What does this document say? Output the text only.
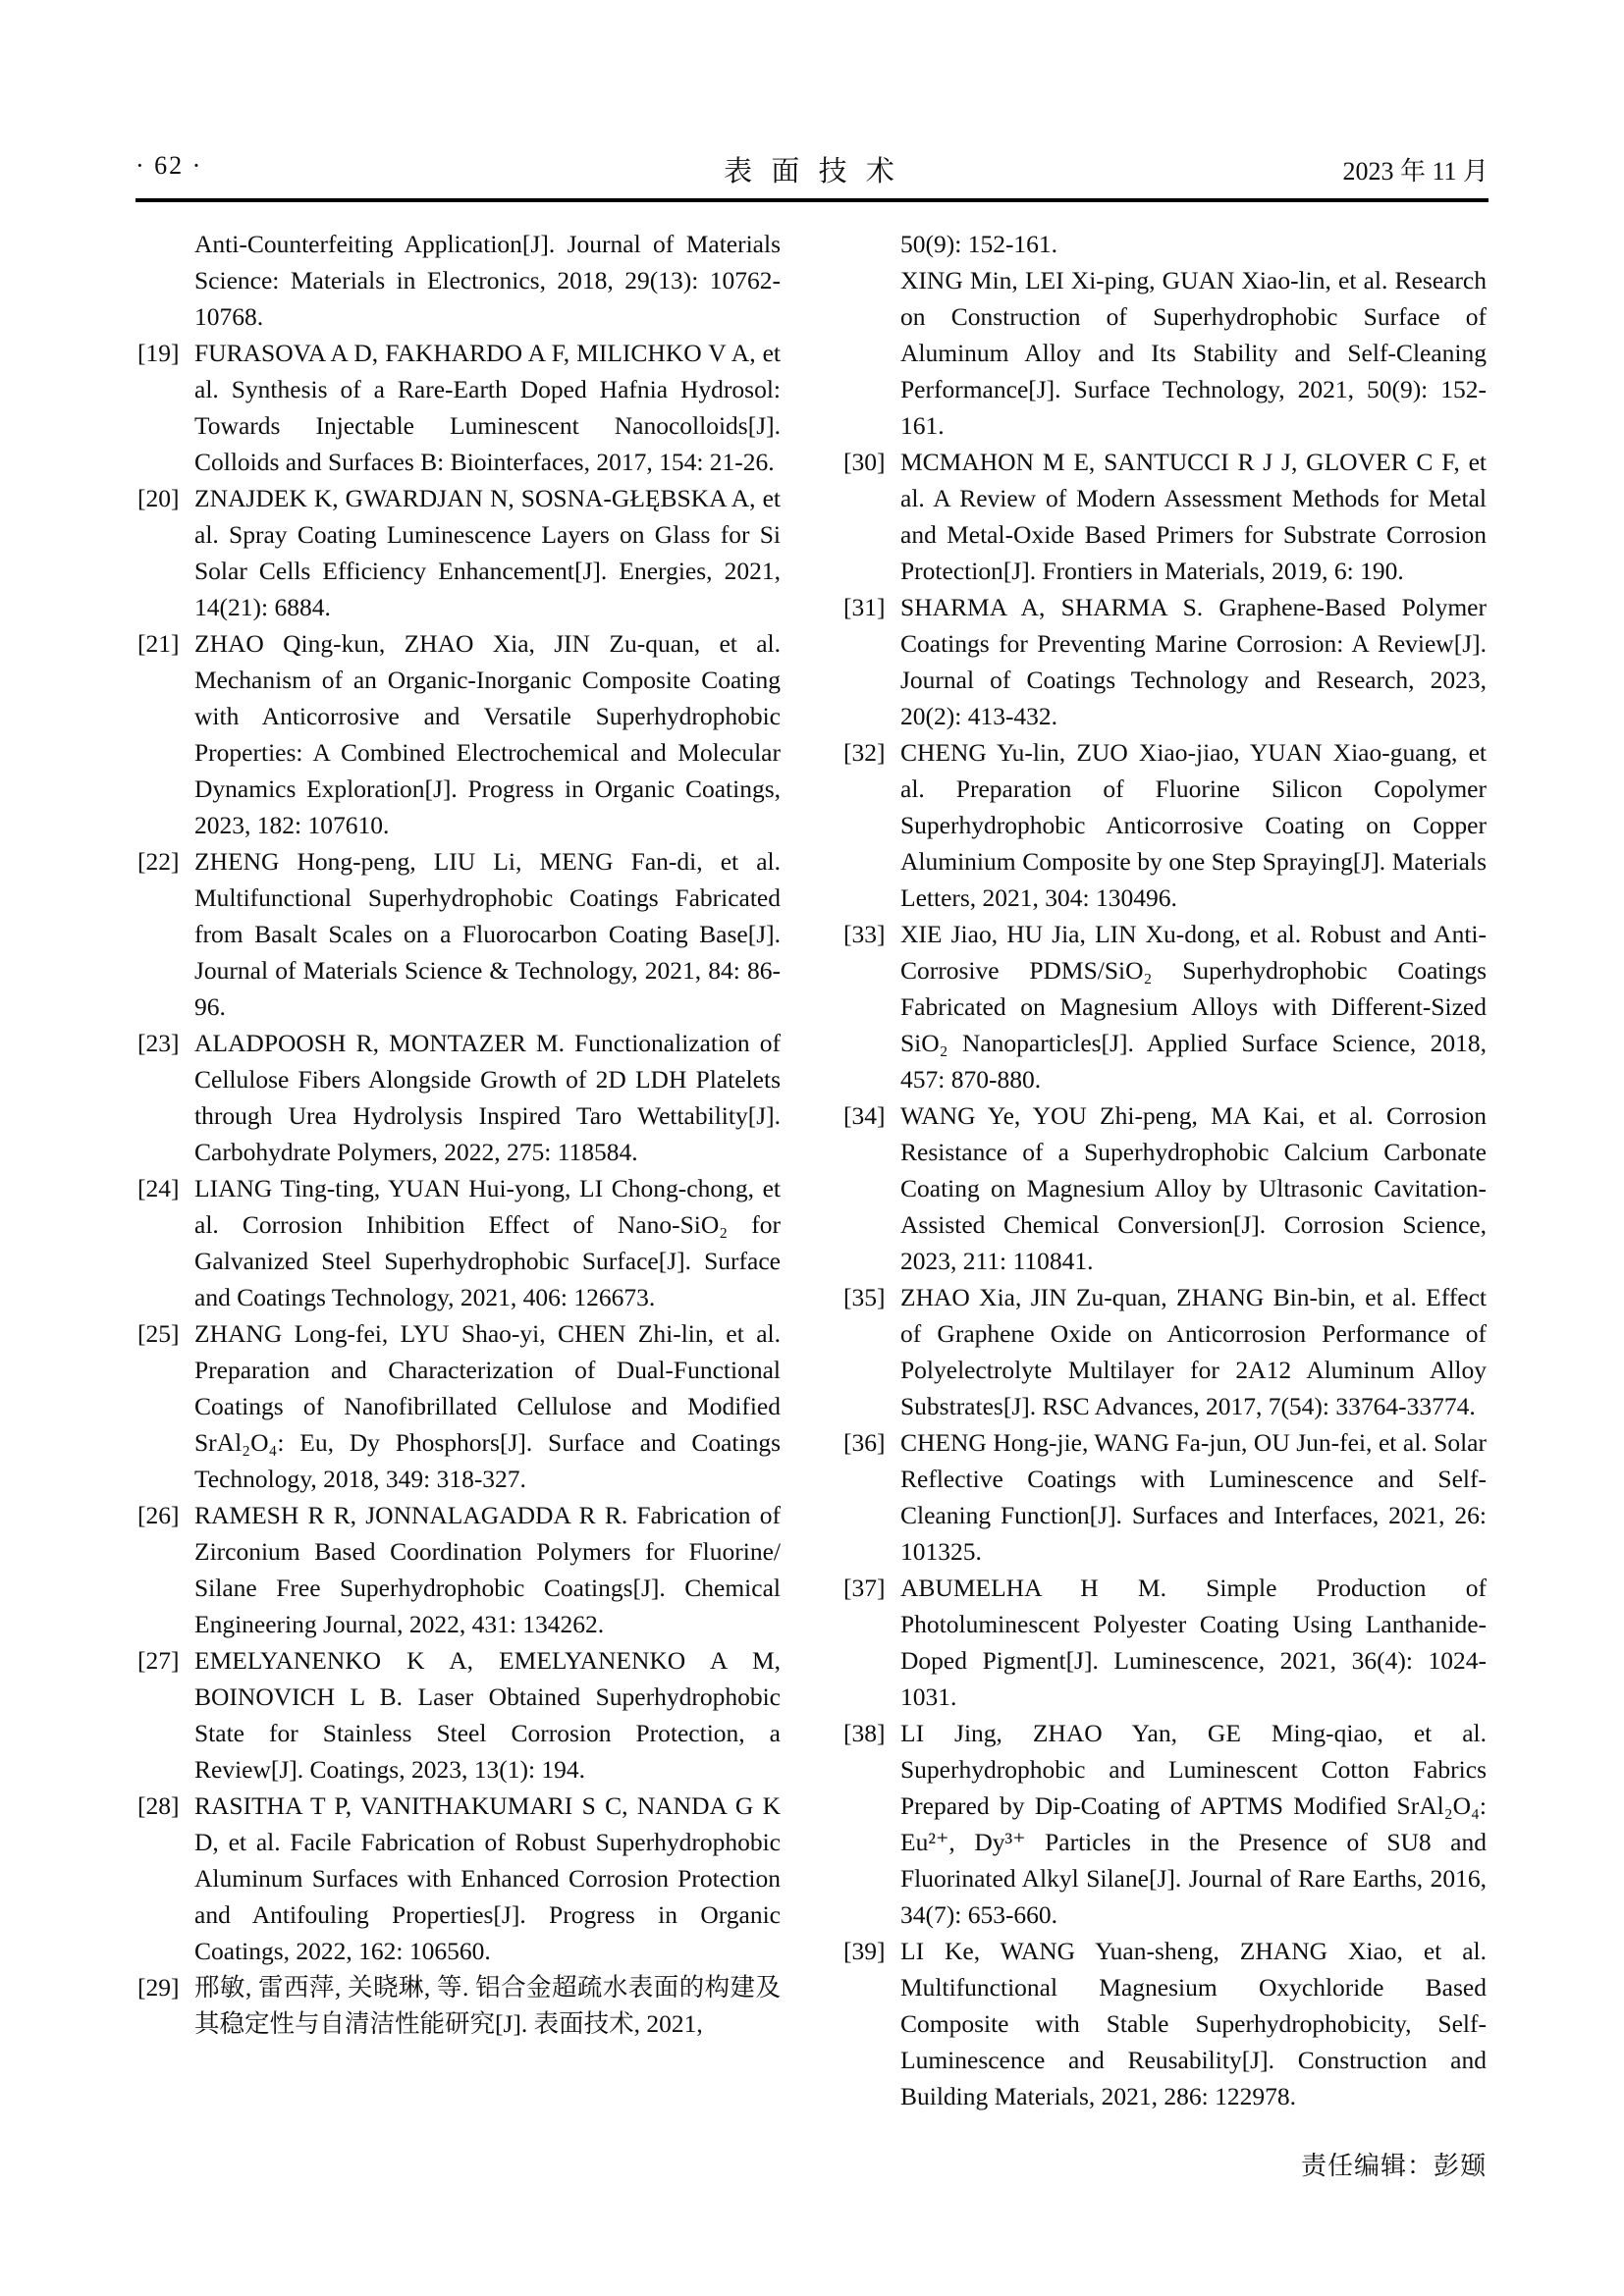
· 62 ·	表 面 技 术	2023 年 11 月
Anti-Counterfeiting Application[J]. Journal of Materials Science: Materials in Electronics, 2018, 29(13): 10762-10768.
[19] FURASOVA A D, FAKHARDO A F, MILICHKO V A, et al. Synthesis of a Rare-Earth Doped Hafnia Hydrosol: Towards Injectable Luminescent Nanocolloids[J]. Colloids and Surfaces B: Biointerfaces, 2017, 154: 21-26.
[20] ZNAJDEK K, GWARDJAN N, SOSNA-GŁĘBSKA A, et al. Spray Coating Luminescence Layers on Glass for Si Solar Cells Efficiency Enhancement[J]. Energies, 2021, 14(21): 6884.
[21] ZHAO Qing-kun, ZHAO Xia, JIN Zu-quan, et al. Mechanism of an Organic-Inorganic Composite Coating with Anticorrosive and Versatile Superhydrophobic Properties: A Combined Electrochemical and Molecular Dynamics Exploration[J]. Progress in Organic Coatings, 2023, 182: 107610.
[22] ZHENG Hong-peng, LIU Li, MENG Fan-di, et al. Multifunctional Superhydrophobic Coatings Fabricated from Basalt Scales on a Fluorocarbon Coating Base[J]. Journal of Materials Science & Technology, 2021, 84: 86-96.
[23] ALADPOOSH R, MONTAZER M. Functionalization of Cellulose Fibers Alongside Growth of 2D LDH Platelets through Urea Hydrolysis Inspired Taro Wettability[J]. Carbohydrate Polymers, 2022, 275: 118584.
[24] LIANG Ting-ting, YUAN Hui-yong, LI Chong-chong, et al. Corrosion Inhibition Effect of Nano-SiO₂ for Galvanized Steel Superhydrophobic Surface[J]. Surface and Coatings Technology, 2021, 406: 126673.
[25] ZHANG Long-fei, LYU Shao-yi, CHEN Zhi-lin, et al. Preparation and Characterization of Dual-Functional Coatings of Nanofibrillated Cellulose and Modified SrAl₂O₄: Eu, Dy Phosphors[J]. Surface and Coatings Technology, 2018, 349: 318-327.
[26] RAMESH R R, JONNALAGADDA R R. Fabrication of Zirconium Based Coordination Polymers for Fluorine/ Silane Free Superhydrophobic Coatings[J]. Chemical Engineering Journal, 2022, 431: 134262.
[27] EMELYANENKO K A, EMELYANENKO A M, BOINOVICH L B. Laser Obtained Superhydrophobic State for Stainless Steel Corrosion Protection, a Review[J]. Coatings, 2023, 13(1): 194.
[28] RASITHA T P, VANITHAKUMARI S C, NANDA G K D, et al. Facile Fabrication of Robust Superhydrophobic Aluminum Surfaces with Enhanced Corrosion Protection and Antifouling Properties[J]. Progress in Organic Coatings, 2022, 162: 106560.
[29] 邢敏, 雷西萍, 关晓琳, 等. 铝合金超疏水表面的构建及其稳定性与自清洁性能研究[J]. 表面技术, 2021,
50(9): 152-161.
XING Min, LEI Xi-ping, GUAN Xiao-lin, et al. Research on Construction of Superhydrophobic Surface of Aluminum Alloy and Its Stability and Self-Cleaning Performance[J]. Surface Technology, 2021, 50(9): 152-161.
[30] MCMAHON M E, SANTUCCI R J J, GLOVER C F, et al. A Review of Modern Assessment Methods for Metal and Metal-Oxide Based Primers for Substrate Corrosion Protection[J]. Frontiers in Materials, 2019, 6: 190.
[31] SHARMA A, SHARMA S. Graphene-Based Polymer Coatings for Preventing Marine Corrosion: A Review[J]. Journal of Coatings Technology and Research, 2023, 20(2): 413-432.
[32] CHENG Yu-lin, ZUO Xiao-jiao, YUAN Xiao-guang, et al. Preparation of Fluorine Silicon Copolymer Superhydrophobic Anticorrosive Coating on Copper Aluminium Composite by one Step Spraying[J]. Materials Letters, 2021, 304: 130496.
[33] XIE Jiao, HU Jia, LIN Xu-dong, et al. Robust and Anti-Corrosive PDMS/SiO₂ Superhydrophobic Coatings Fabricated on Magnesium Alloys with Different-Sized SiO₂ Nanoparticles[J]. Applied Surface Science, 2018, 457: 870-880.
[34] WANG Ye, YOU Zhi-peng, MA Kai, et al. Corrosion Resistance of a Superhydrophobic Calcium Carbonate Coating on Magnesium Alloy by Ultrasonic Cavitation-Assisted Chemical Conversion[J]. Corrosion Science, 2023, 211: 110841.
[35] ZHAO Xia, JIN Zu-quan, ZHANG Bin-bin, et al. Effect of Graphene Oxide on Anticorrosion Performance of Polyelectrolyte Multilayer for 2A12 Aluminum Alloy Substrates[J]. RSC Advances, 2017, 7(54): 33764-33774.
[36] CHENG Hong-jie, WANG Fa-jun, OU Jun-fei, et al. Solar Reflective Coatings with Luminescence and Self-Cleaning Function[J]. Surfaces and Interfaces, 2021, 26: 101325.
[37] ABUMELHA H M. Simple Production of Photoluminescent Polyester Coating Using Lanthanide-Doped Pigment[J]. Luminescence, 2021, 36(4): 1024-1031.
[38] LI Jing, ZHAO Yan, GE Ming-qiao, et al. Superhydrophobic and Luminescent Cotton Fabrics Prepared by Dip-Coating of APTMS Modified SrAl₂O₄: Eu²⁺, Dy³⁺ Particles in the Presence of SU8 and Fluorinated Alkyl Silane[J]. Journal of Rare Earths, 2016, 34(7): 653-660.
[39] LI Ke, WANG Yuan-sheng, ZHANG Xiao, et al. Multifunctional Magnesium Oxychloride Based Composite with Stable Superhydrophobicity, Self-Luminescence and Reusability[J]. Construction and Building Materials, 2021, 286: 122978.
责任编辑：彭颋
